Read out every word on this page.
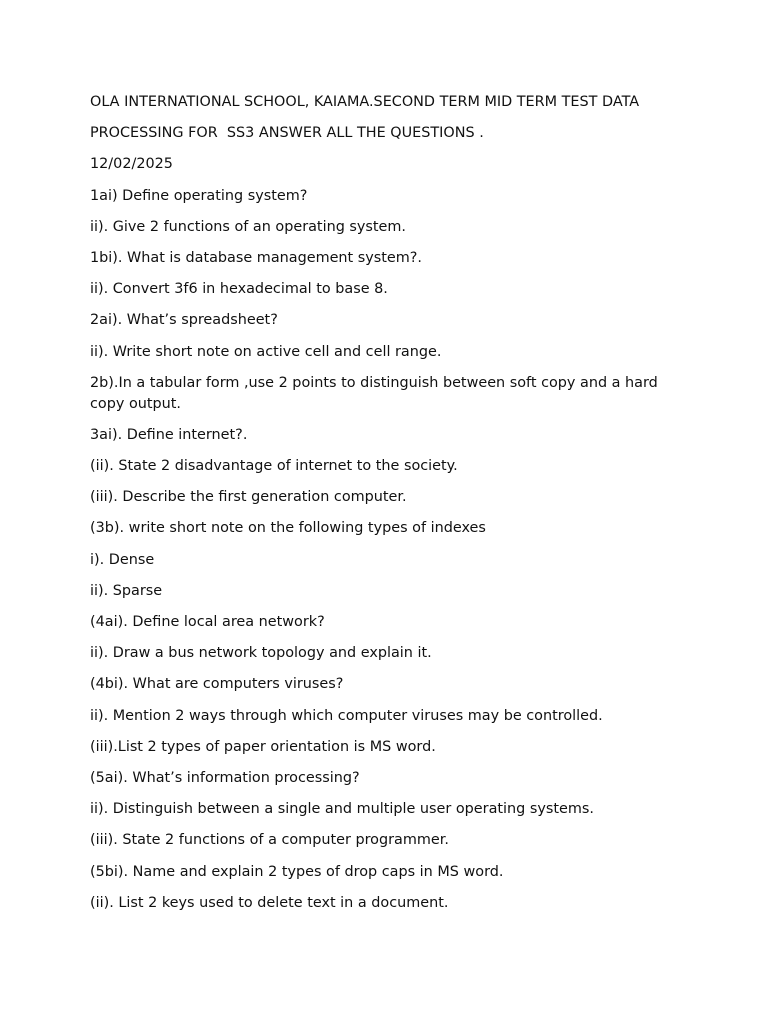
OLA INTERNATIONAL SCHOOL, KAIAMA.SECOND TERM MID TERM TEST DATA

PROCESSING FOR  SS3 ANSWER ALL THE QUESTIONS .

12/02/2025

1ai) Define operating system?

ii). Give 2 functions of an operating system.

1bi). What is database management system?.

ii). Convert 3f6 in hexadecimal to base 8.

2ai). What’s spreadsheet?

ii). Write short note on active cell and cell range.

2b).In a tabular form ,use 2 points to distinguish between soft copy and a hard copy output.

3ai). Define internet?.

(ii). State 2 disadvantage of internet to the society.

(iii). Describe the first generation computer.

(3b). write short note on the following types of indexes

i). Dense

ii). Sparse

(4ai). Define local area network?

ii). Draw a bus network topology and explain it.

(4bi). What are computers viruses?

ii). Mention 2 ways through which computer viruses may be controlled.

(iii).List 2 types of paper orientation is MS word.

(5ai). What’s information processing?

ii). Distinguish between a single and multiple user operating systems.

(iii). State 2 functions of a computer programmer.

(5bi). Name and explain 2 types of drop caps in MS word.

(ii). List 2 keys used to delete text in a document.
